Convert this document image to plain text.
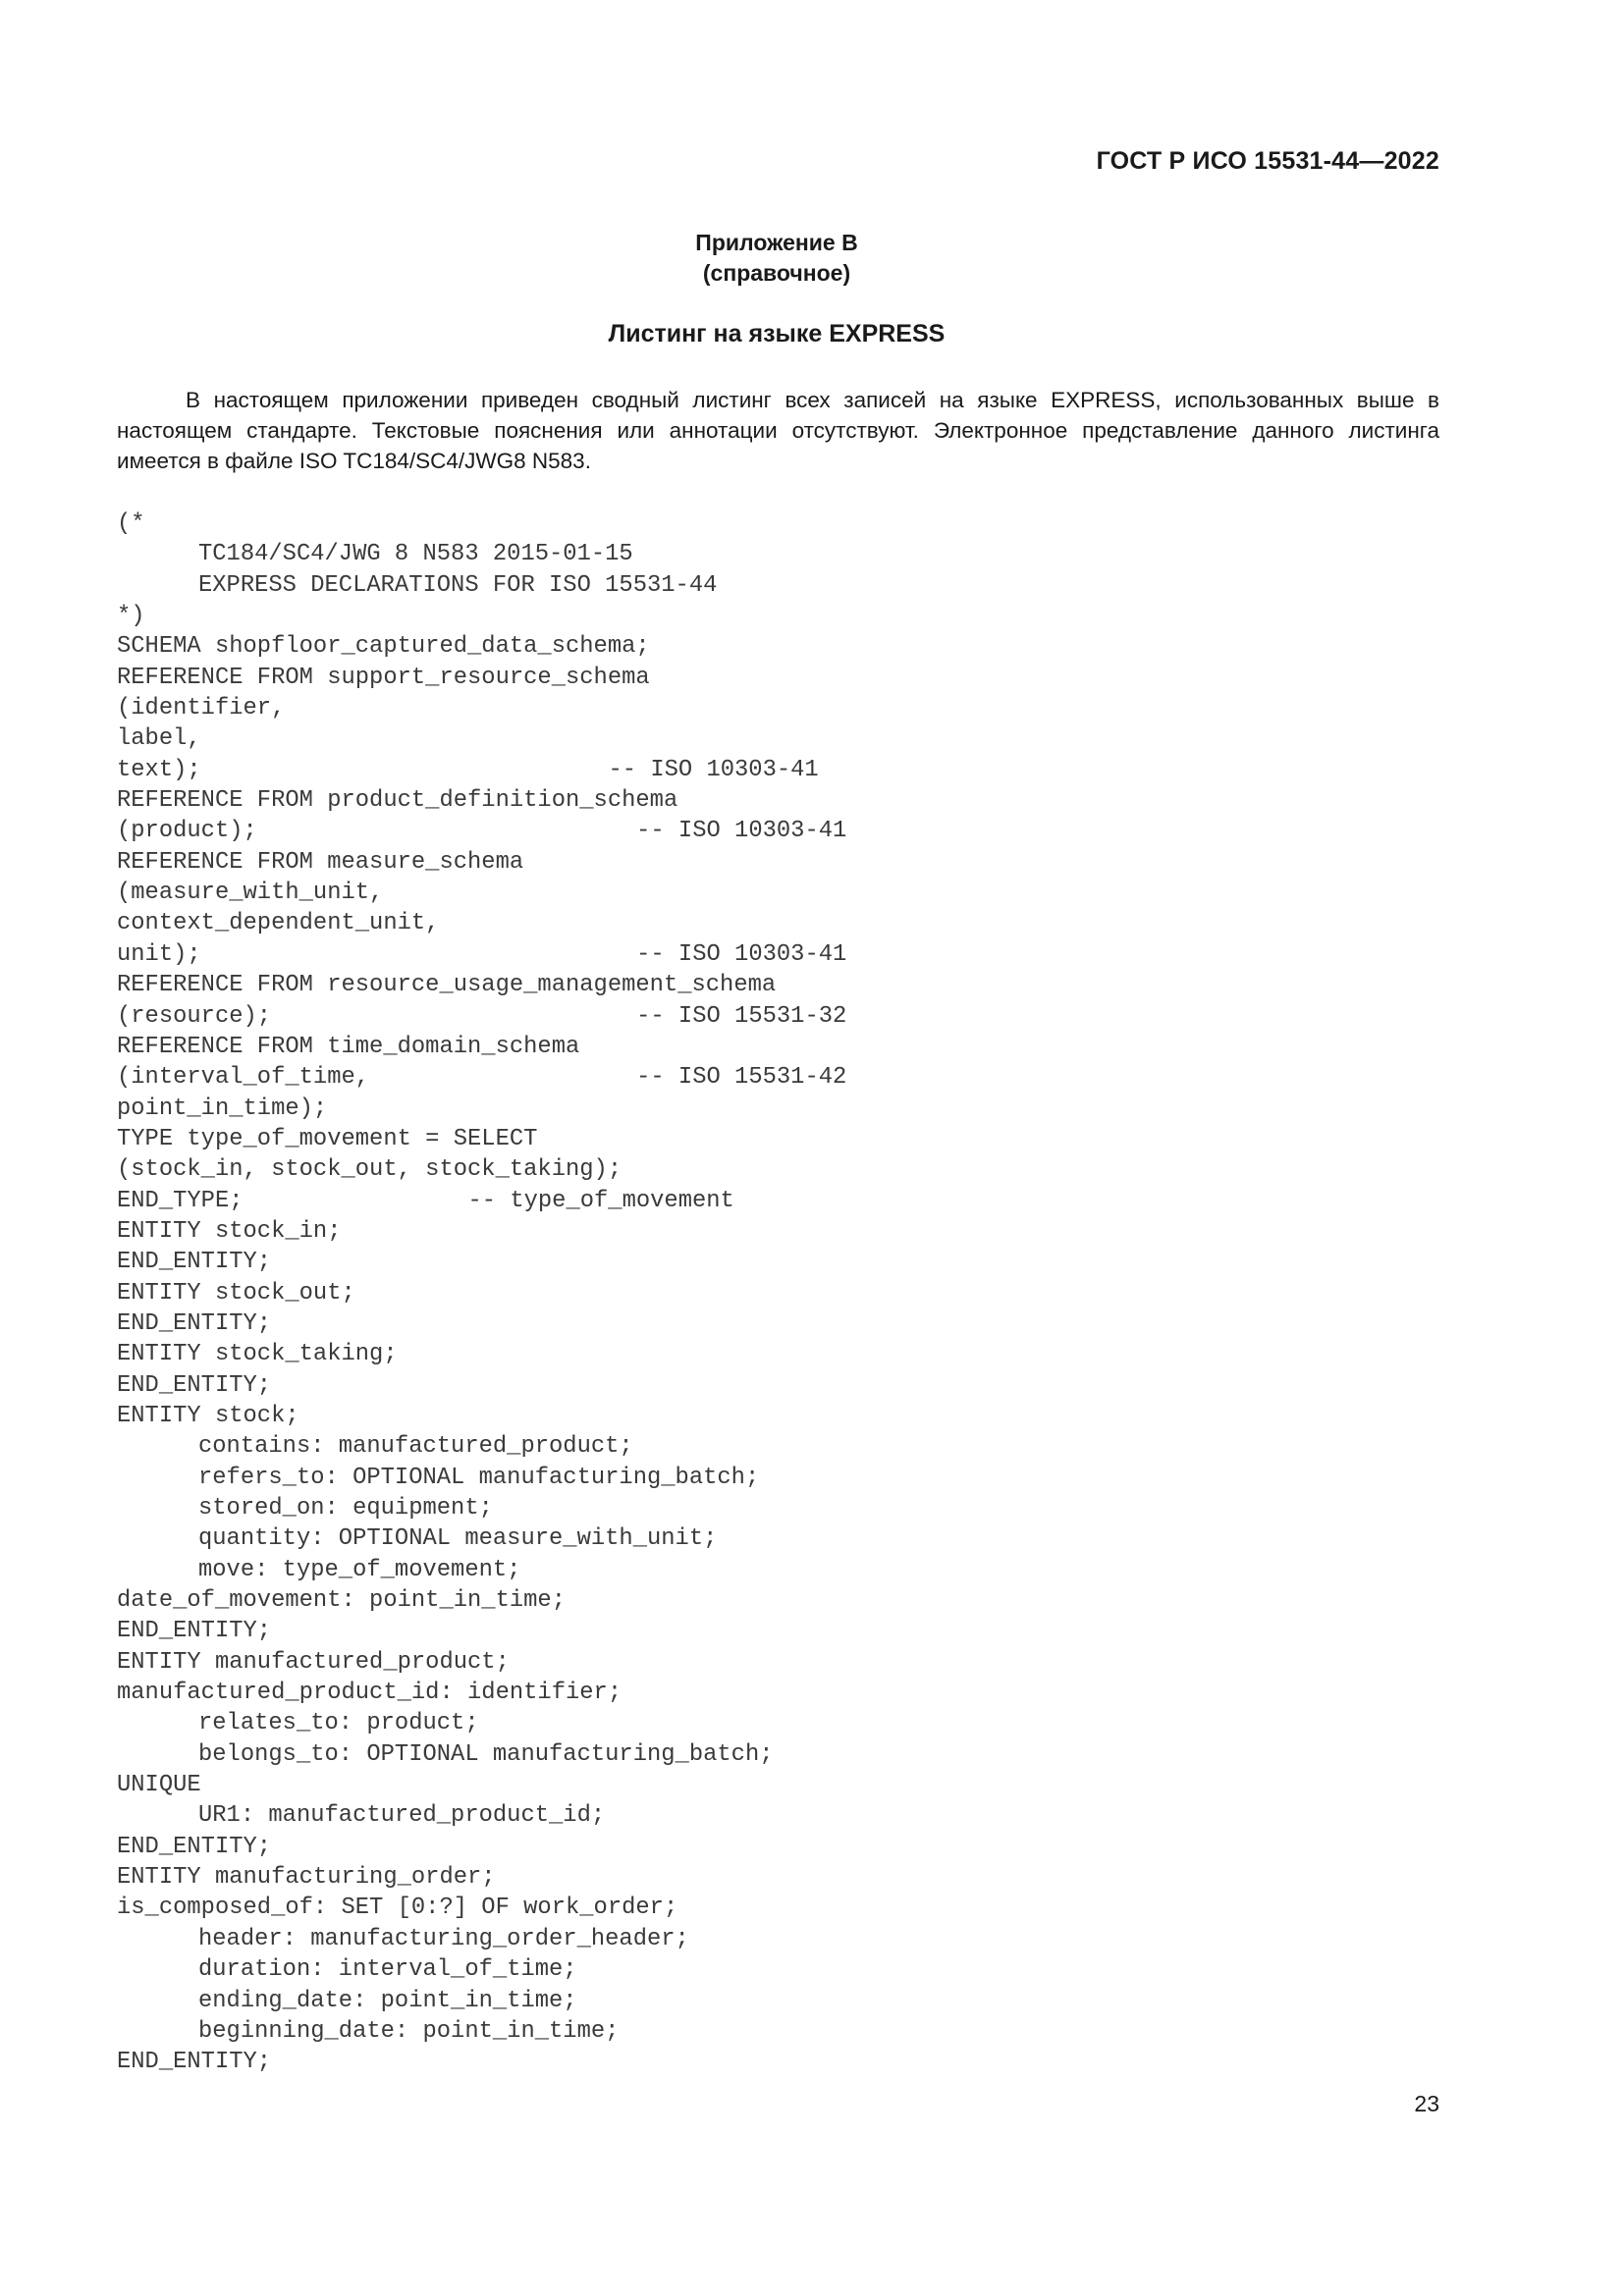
ГОСТ Р ИСО 15531-44—2022
Приложение В
(справочное)
Листинг на языке EXPRESS

В настоящем приложении приведен сводный листинг всех записей на языке EXPRESS, использованных выше в настоящем стандарте. Текстовые пояснения или аннотации отсутствуют. Электронное представление данного листинга имеется в файле ISO TC184/SC4/JWG8 N583.

(*
TC184/SC4/JWG 8 N583 2015-01-15
EXPRESS DECLARATIONS FOR ISO 15531-44
*)
SCHEMA shopfloor_captured_data_schema;
REFERENCE FROM support_resource_schema
(identifier,
label,
text);	-- ISO 10303-41
REFERENCE FROM product_definition_schema
(product);	-- ISO 10303-41
REFERENCE FROM measure_schema
(measure_with_unit,
context_dependent_unit,
unit);	-- ISO 10303-41
REFERENCE FROM resource_usage_management_schema
(resource);	-- ISO 15531-32
REFERENCE FROM time_domain_schema
(interval_of_time,	-- ISO 15531-42
point_in_time);
TYPE type_of_movement = SELECT
(stock_in, stock_out, stock_taking);
END_TYPE;	-- type_of_movement
ENTITY stock_in;
END_ENTITY;
ENTITY stock_out;
END_ENTITY;
ENTITY stock_taking;
END_ENTITY;
ENTITY stock;
contains: manufactured_product;
refers_to: OPTIONAL manufacturing_batch;
stored_on: equipment;
quantity: OPTIONAL measure_with_unit;
move: type_of_movement;
date_of_movement: point_in_time;
END_ENTITY;
ENTITY manufactured_product;
manufactured_product_id: identifier;
relates_to: product;
belongs_to: OPTIONAL manufacturing_batch;
UNIQUE
UR1: manufactured_product_id;
END_ENTITY;
ENTITY manufacturing_order;
is_composed_of: SET [0:?] OF work_order;
header: manufacturing_order_header;
duration: interval_of_time;
ending_date: point_in_time;
beginning_date: point_in_time;
END_ENTITY;
23
